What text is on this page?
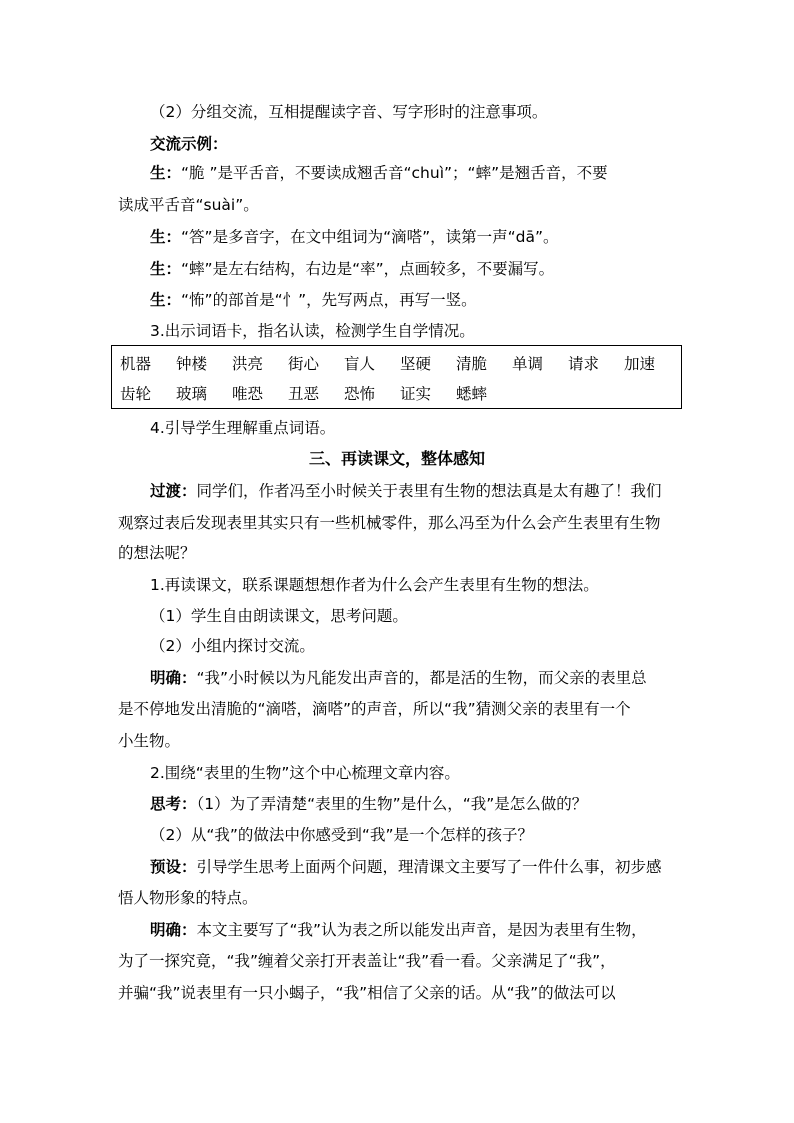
（2）分组交流，互相提醒读字音、写字形时的注意事项。
交流示例：
生：“脆 ”是平舌音，不要读成翘舌音“chuì”；“蟀”是翘舌音，不要
读成平舌音“suài”。
生：“答”是多音字，在文中组词为“滴嗒”，读第一声“dā”。
生：“蟀”是左右结构，右边是“率”，点画较多，不要漏写。
生：“怖”的部首是“忄”，先写两点，再写一竖。
3.出示词语卡，指名认读，检测学生自学情况。
机器 钟楼 洪亮 街心 盲人 坚硬 清脆 单调 请求 加速
齿轮 玻璃 唯恐 丑恶 恐怖 证实 蟋蟀
4.引导学生理解重点词语。
三、再读课文，整体感知
过渡：同学们，作者冯至小时候关于表里有生物的想法真是太有趣了！我们
观察过表后发现表里其实只有一些机械零件，那么冯至为什么会产生表里有生物
的想法呢？
1.再读课文，联系课题想想作者为什么会产生表里有生物的想法。
（1）学生自由朗读课文，思考问题。
（2）小组内探讨交流。
明确：“我”小时候以为凡能发出声音的，都是活的生物，而父亲的表里总
是不停地发出清脆的“滴嗒，滴嗒”的声音，所以“我”猜测父亲的表里有一个
小生物。
2.围绕“表里的生物”这个中心梳理文章内容。
思考：（1）为了弄清楚“表里的生物”是什么，“我”是怎么做的？
（2）从“我”的做法中你感受到“我”是一个怎样的孩子？
预设：引导学生思考上面两个问题，理清课文主要写了一件什么事，初步感
悟人物形象的特点。
明确：本文主要写了“我”认为表之所以能发出声音，是因为表里有生物，
为了一探究竟，“我”缠着父亲打开表盖让“我”看一看。父亲满足了“我”，
并骗“我”说表里有一只小蝎子，“我”相信了父亲的话。从“我”的做法可以
